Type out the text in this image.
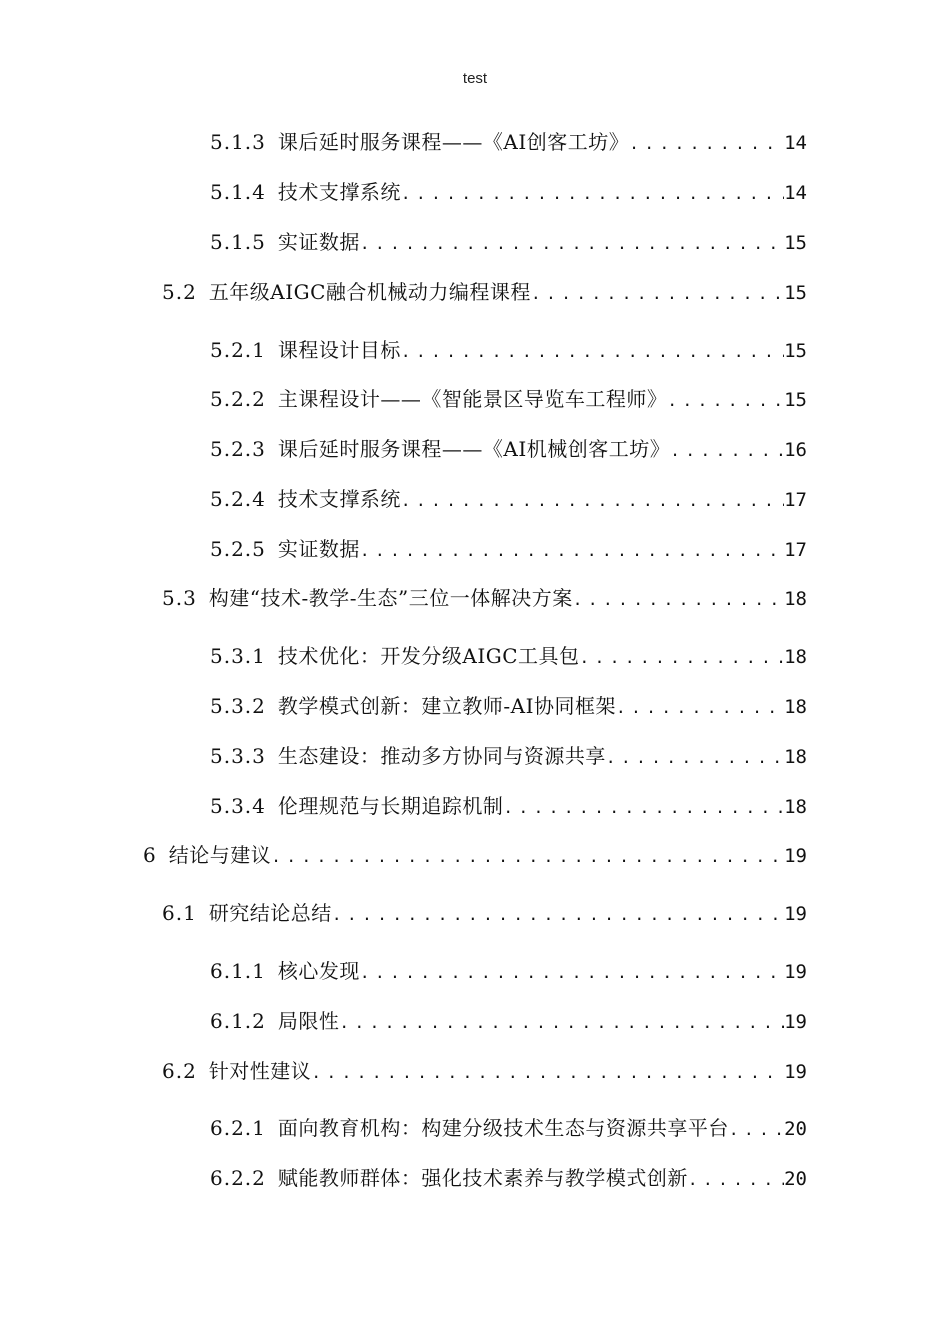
test
5.1.3 课后延时服务课程——《AI创客工坊》 .....	14
5.1.4 技术支撑系统 .....	14
5.1.5 实证数据 .....	15
5.2 五年级AIGC融合机械动力编程课程 .....	15
5.2.1 课程设计目标 .....	15
5.2.2 主课程设计——《智能景区导览车工程师》 .....	15
5.2.3 课后延时服务课程——《AI机械创客工坊》 .....	16
5.2.4 技术支撑系统 .....	17
5.2.5 实证数据 .....	17
5.3 构建“技术-教学-生态”三位一体解决方案 .....	18
5.3.1 技术优化：开发分级AIGC工具包 .....	18
5.3.2 教学模式创新：建立教师-AI协同框架 .....	18
5.3.3 生态建设：推动多方协同与资源共享 .....	18
5.3.4 伦理规范与长期追踪机制 .....	18
6 结论与建议 .....	19
6.1 研究结论总结 .....	19
6.1.1 核心发现 .....	19
6.1.2 局限性 .....	19
6.2 针对性建议 .....	19
6.2.1 面向教育机构：构建分级技术生态与资源共享平台 .....	20
6.2.2 赋能教师群体：强化技术素养与教学模式创新 .....	20
